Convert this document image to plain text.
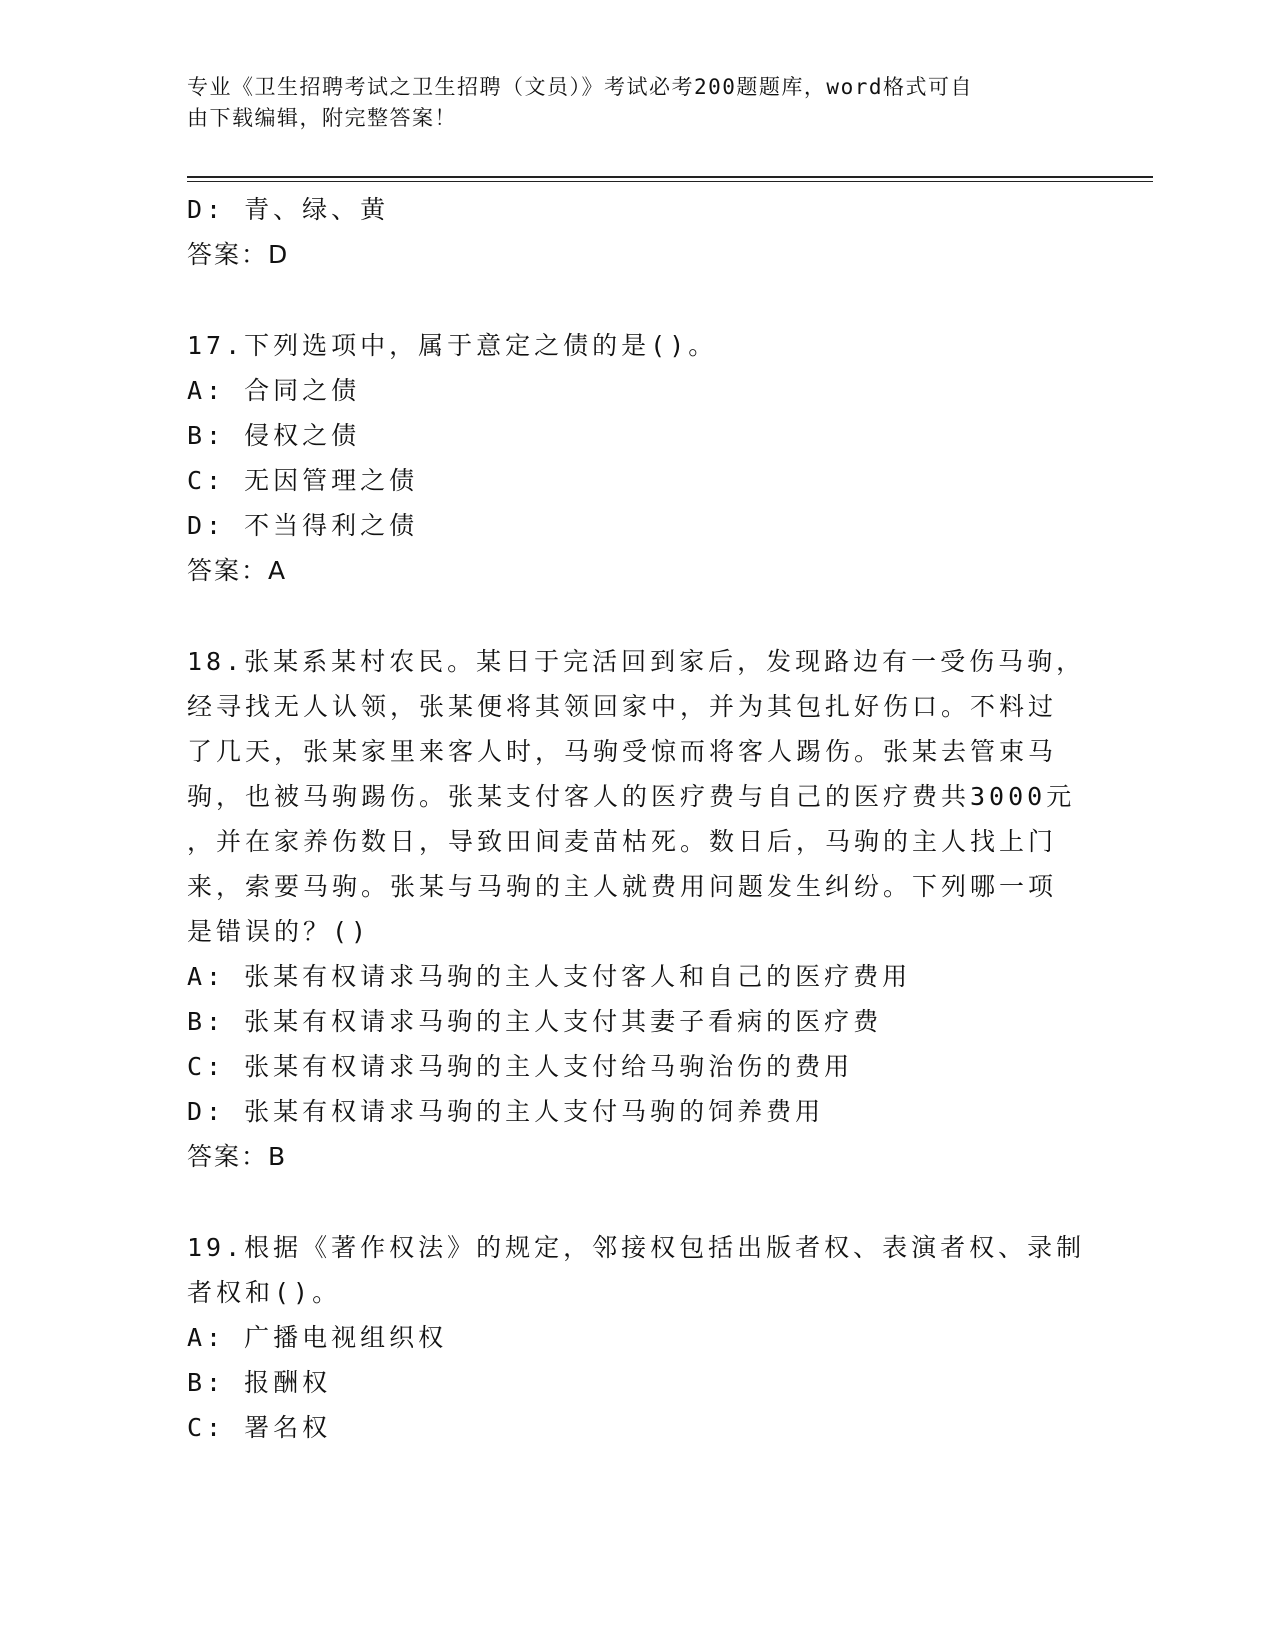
专业《卫生招聘考试之卫生招聘（文员）》考试必考200题题库，word格式可自
由下载编辑，附完整答案！
D: 青、绿、黄
答案：D
17.下列选项中，属于意定之债的是()。
A: 合同之债
B: 侵权之债
C: 无因管理之债
D: 不当得利之债
答案：A
18.张某系某村农民。某日于完活回到家后，发现路边有一受伤马驹，
经寻找无人认领，张某便将其领回家中，并为其包扎好伤口。不料过
了几天，张某家里来客人时，马驹受惊而将客人踢伤。张某去管束马
驹，也被马驹踢伤。张某支付客人的医疗费与自己的医疗费共3000元
，并在家养伤数日，导致田间麦苗枯死。数日后，马驹的主人找上门
来，索要马驹。张某与马驹的主人就费用问题发生纠纷。下列哪一项
是错误的？()
A: 张某有权请求马驹的主人支付客人和自己的医疗费用
B: 张某有权请求马驹的主人支付其妻子看病的医疗费
C: 张某有权请求马驹的主人支付给马驹治伤的费用
D: 张某有权请求马驹的主人支付马驹的饲养费用
答案：B
19.根据《著作权法》的规定，邻接权包括出版者权、表演者权、录制
者权和()。
A: 广播电视组织权
B: 报酬权
C: 署名权
